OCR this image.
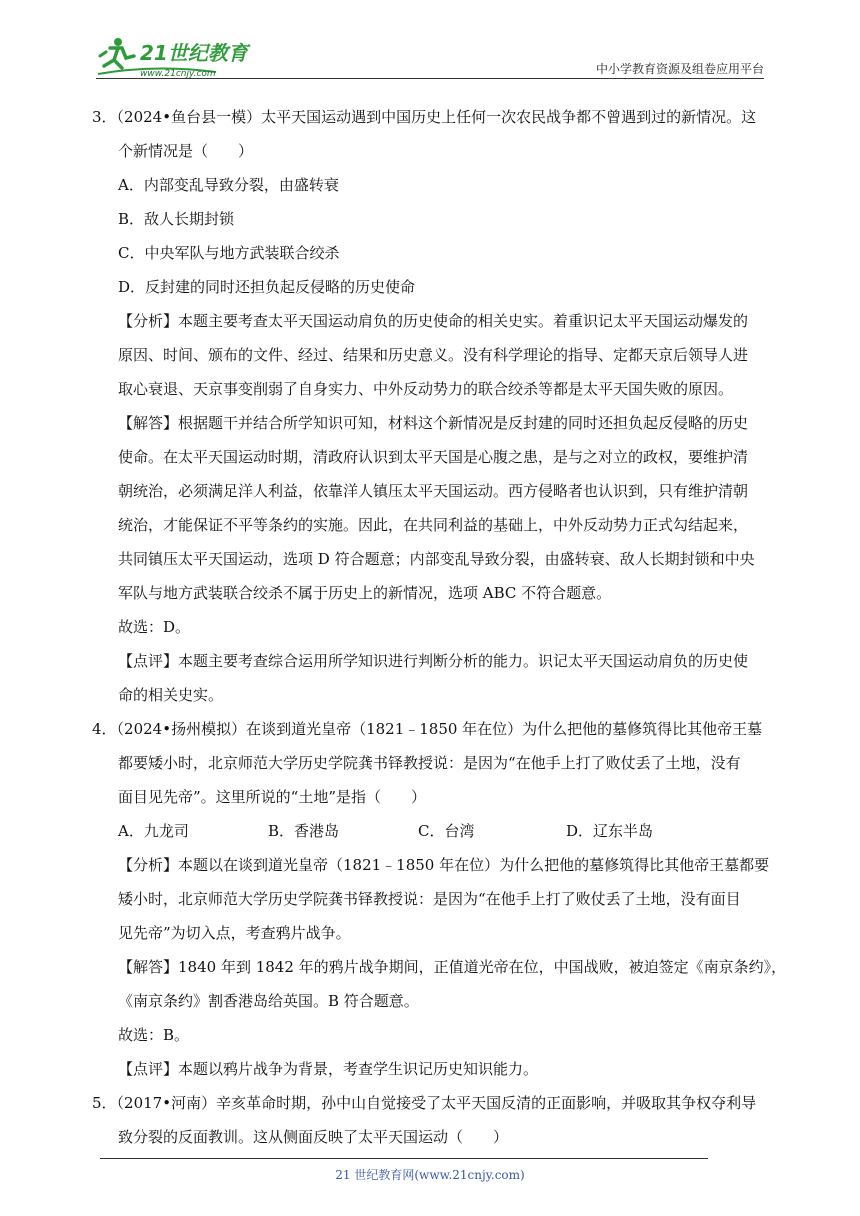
21世纪教育
www.21cnjy.com	中小学教育资源及组卷应用平台
3．（2024•鱼台县一模）太平天国运动遇到中国历史上任何一次农民战争都不曾遇到过的新情况。这
个新情况是（　　）
A．内部变乱导致分裂，由盛转衰
B．敌人长期封锁
C．中央军队与地方武装联合绞杀
D．反封建的同时还担负起反侵略的历史使命
【分析】本题主要考查太平天国运动肩负的历史使命的相关史实。着重识记太平天国运动爆发的
原因、时间、颁布的文件、经过、结果和历史意义。没有科学理论的指导、定都天京后领导人进
取心衰退、天京事变削弱了自身实力、中外反动势力的联合绞杀等都是太平天国失败的原因。
【解答】根据题干并结合所学知识可知，材料这个新情况是反封建的同时还担负起反侵略的历史
使命。在太平天国运动时期，清政府认识到太平天国是心腹之患，是与之对立的政权，要维护清
朝统治，必须满足洋人利益，依靠洋人镇压太平天国运动。西方侵略者也认识到，只有维护清朝
统治，才能保证不平等条约的实施。因此，在共同利益的基础上，中外反动势力正式勾结起来，
共同镇压太平天国运动，选项 D 符合题意；内部变乱导致分裂，由盛转衰、敌人长期封锁和中央
军队与地方武装联合绞杀不属于历史上的新情况，选项 ABC 不符合题意。
故选：D。
【点评】本题主要考查综合运用所学知识进行判断分析的能力。识记太平天国运动肩负的历史使
命的相关史实。
4．（2024•扬州模拟）在谈到道光皇帝（1821﹣1850 年在位）为什么把他的墓修筑得比其他帝王墓
都要矮小时，北京师范大学历史学院龚书铎教授说：是因为“在他手上打了败仗丢了土地，没有
面目见先帝”。这里所说的“土地”是指（　　）
A．九龙司	B．香港岛	C．台湾	D．辽东半岛
【分析】本题以在谈到道光皇帝（1821﹣1850 年在位）为什么把他的墓修筑得比其他帝王墓都要
矮小时，北京师范大学历史学院龚书铎教授说：是因为“在他手上打了败仗丢了土地，没有面目
见先帝”为切入点，考查鸦片战争。
【解答】1840 年到 1842 年的鸦片战争期间，正值道光帝在位，中国战败，被迫签定《南京条约》，
《南京条约》割香港岛给英国。B 符合题意。
故选：B。
【点评】本题以鸦片战争为背景，考查学生识记历史知识能力。
5．（2017•河南）辛亥革命时期，孙中山自觉接受了太平天国反清的正面影响，并吸取其争权夺利导
致分裂的反面教训。这从侧面反映了太平天国运动（　　）
21 世纪教育网(www.21cnjy.com)
